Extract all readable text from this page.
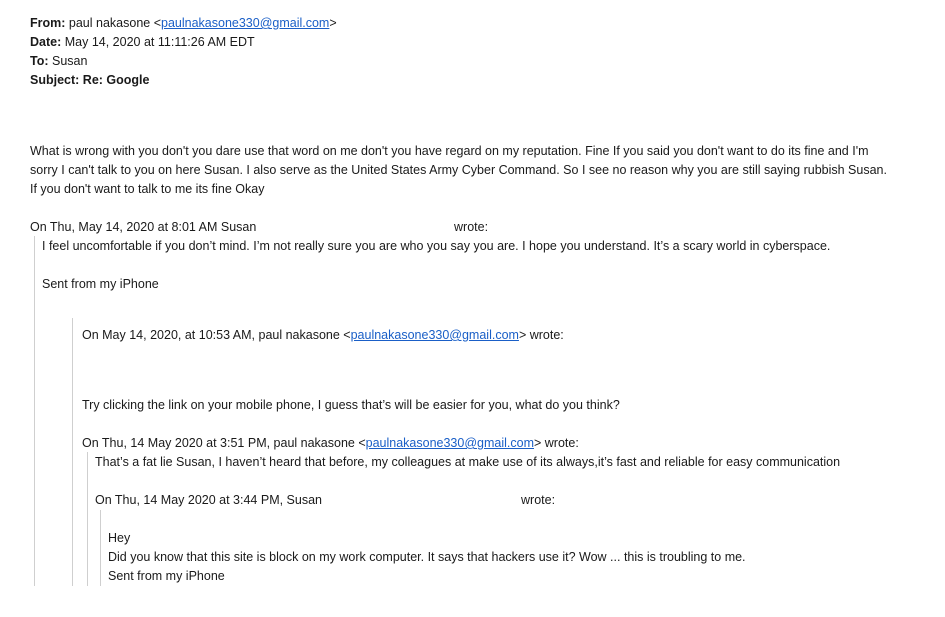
From: paul nakasone <paulnakasone330@gmail.com>
Date: May 14, 2020 at 11:11:26 AM EDT
To: Susan
Subject: Re: Google
What is wrong with you don't you dare use that word on me don't you have regard on my reputation. Fine If you said you don't want to do its fine and I'm
sorry I can't talk to you on here Susan. I also serve as the United States Army Cyber Command. So I see no reason why you are still saying rubbish Susan.
If you don't want to talk to me its fine Okay
On Thu, May 14, 2020 at 8:01 AM Susan	wrote:
I feel uncomfortable if you don’t mind. I’m not really sure you are who you say you are. I hope you understand. It’s a scary world in cyberspace.
Sent from my iPhone
On May 14, 2020, at 10:53 AM, paul nakasone <paulnakasone330@gmail.com> wrote:
Try clicking the link on your mobile phone, I guess that’s will be easier for you, what do you think?
On Thu, 14 May 2020 at 3:51 PM, paul nakasone <paulnakasone330@gmail.com> wrote:
That’s a fat lie Susan, I haven’t heard that before, my colleagues at make use of its always,it’s fast and reliable for easy communication
On Thu, 14 May 2020 at 3:44 PM, Susan	wrote:
Hey
Did you know that this site is block on my work computer. It says that hackers use it? Wow ... this is troubling to me.
Sent from my iPhone
